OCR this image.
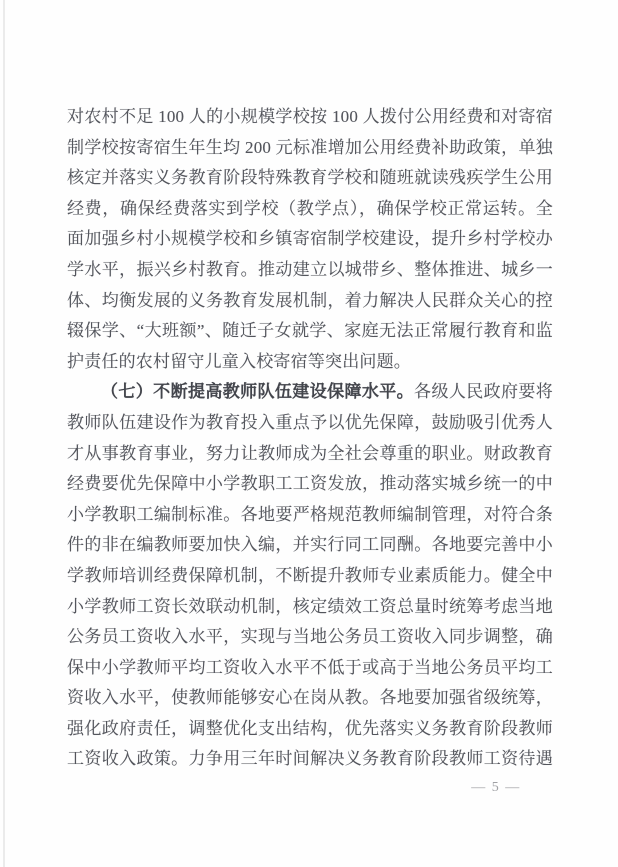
对农村不足 100 人的小规模学校按 100 人拨付公用经费和对寄宿
制学校按寄宿生年生均 200 元标准增加公用经费补助政策，单独
核定并落实义务教育阶段特殊教育学校和随班就读残疾学生公用
经费，确保经费落实到学校（教学点），确保学校正常运转。全
面加强乡村小规模学校和乡镇寄宿制学校建设，提升乡村学校办
学水平，振兴乡村教育。推动建立以城带乡、整体推进、城乡一
体、均衡发展的义务教育发展机制，着力解决人民群众关心的控
辍保学、“大班额”、随迁子女就学、家庭无法正常履行教育和监
护责任的农村留守儿童入校寄宿等突出问题。
（七）不断提高教师队伍建设保障水平。各级人民政府要将
教师队伍建设作为教育投入重点予以优先保障，鼓励吸引优秀人
才从事教育事业，努力让教师成为全社会尊重的职业。财政教育
经费要优先保障中小学教职工工资发放，推动落实城乡统一的中
小学教职工编制标准。各地要严格规范教师编制管理，对符合条
件的非在编教师要加快入编，并实行同工同酬。各地要完善中小
学教师培训经费保障机制，不断提升教师专业素质能力。健全中
小学教师工资长效联动机制，核定绩效工资总量时统筹考虑当地
公务员工资收入水平，实现与当地公务员工资收入同步调整，确
保中小学教师平均工资收入水平不低于或高于当地公务员平均工
资收入水平，使教师能够安心在岗从教。各地要加强省级统筹，
强化政府责任，调整优化支出结构，优先落实义务教育阶段教师
工资收入政策。力争用三年时间解决义务教育阶段教师工资待遇
— 5 —
